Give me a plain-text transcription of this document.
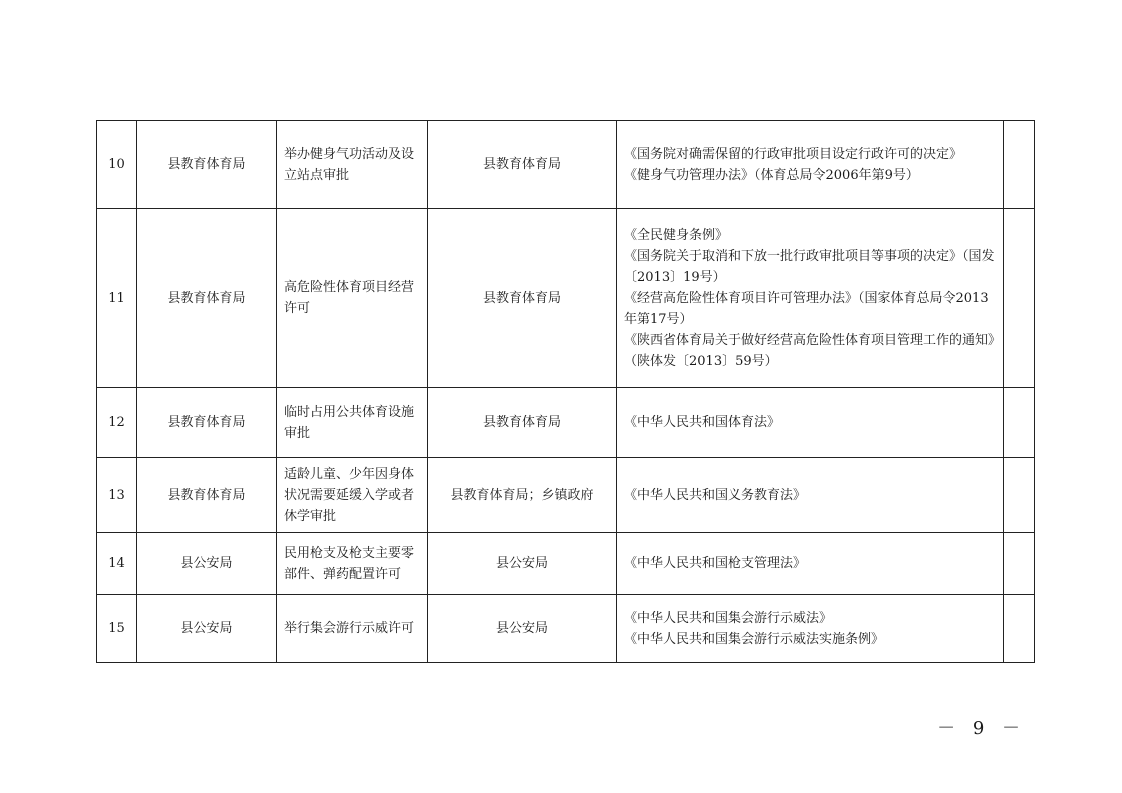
10	县教育体育局	举办健身气功活动及设立站点审批	县教育体育局	《国务院对确需保留的行政审批项目设定行政许可的决定》
《健身气功管理办法》（体育总局令2006年第9号）	

11	县教育体育局	高危险性体育项目经营许可	县教育体育局	《全民健身条例》
《国务院关于取消和下放一批行政审批项目等事项的决定》（国发〔2013〕19号）
《经营高危险性体育项目许可管理办法》（国家体育总局令2013年第17号）
《陕西省体育局关于做好经营高危险性体育项目管理工作的通知》（陕体发〔2013〕59号）	

12	县教育体育局	临时占用公共体育设施审批	县教育体育局	《中华人民共和国体育法》	

13	县教育体育局	适龄儿童、少年因身体状况需要延缓入学或者休学审批	县教育体育局；乡镇政府	《中华人民共和国义务教育法》	

14	县公安局	民用枪支及枪支主要零部件、弹药配置许可	县公安局	《中华人民共和国枪支管理法》	

15	县公安局	举行集会游行示威许可	县公安局	《中华人民共和国集会游行示威法》
《中华人民共和国集会游行示威法实施条例》	

－ 9 －
